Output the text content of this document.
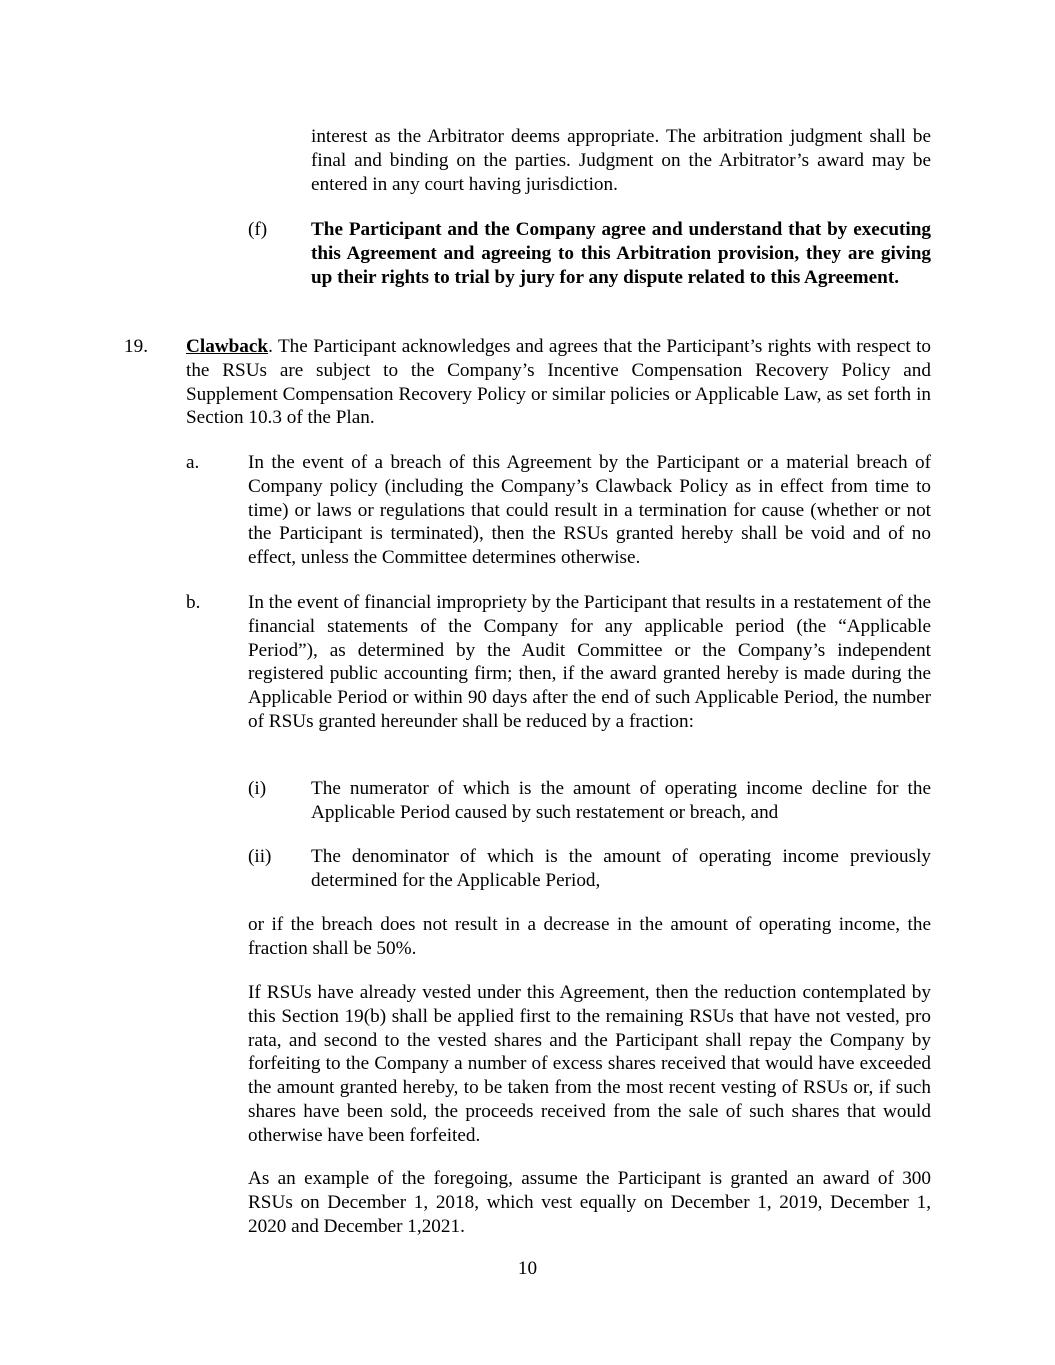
interest as the Arbitrator deems appropriate. The arbitration judgment shall be final and binding on the parties. Judgment on the Arbitrator’s award may be entered in any court having jurisdiction.

(f) The Participant and the Company agree and understand that by executing this Agreement and agreeing to this Arbitration provision, they are giving up their rights to trial by jury for any dispute related to this Agreement.

19. Clawback. The Participant acknowledges and agrees that the Participant’s rights with respect to the RSUs are subject to the Company’s Incentive Compensation Recovery Policy and Supplement Compensation Recovery Policy or similar policies or Applicable Law, as set forth in Section 10.3 of the Plan.

a.	In the event of a breach of this Agreement by the Participant or a material breach of Company policy (including the Company’s Clawback Policy as in effect from time to time) or laws or regulations that could result in a termination for cause (whether or not the Participant is terminated), then the RSUs granted hereby shall be void and of no effect, unless the Committee determines otherwise.

b. In the event of financial impropriety by the Participant that results in a restatement of the financial statements of the Company for any applicable period (the “Applicable Period”), as determined by the Audit Committee or the Company’s independent registered public accounting firm; then, if the award granted hereby is made during the Applicable Period or within 90 days after the end of such Applicable Period, the number of RSUs granted hereunder shall be reduced by a fraction:

(i) The numerator of which is the amount of operating income decline for the Applicable Period caused by such restatement or breach, and

(ii) The denominator of which is the amount of operating income previously determined for the Applicable Period,

or if the breach does not result in a decrease in the amount of operating income, the fraction shall be 50%.

If RSUs have already vested under this Agreement, then the reduction contemplated by this Section 19(b) shall be applied first to the remaining RSUs that have not vested, pro rata, and second to the vested shares and the Participant shall repay the Company by forfeiting to the Company a number of excess shares received that would have exceeded the amount granted hereby, to be taken from the most recent vesting of RSUs or, if such shares have been sold, the proceeds received from the sale of such shares that would otherwise have been forfeited.

As an example of the foregoing, assume the Participant is granted an award of 300 RSUs on December 1, 2018, which vest equally on December 1, 2019, December 1, 2020 and December 1,2021.

10
